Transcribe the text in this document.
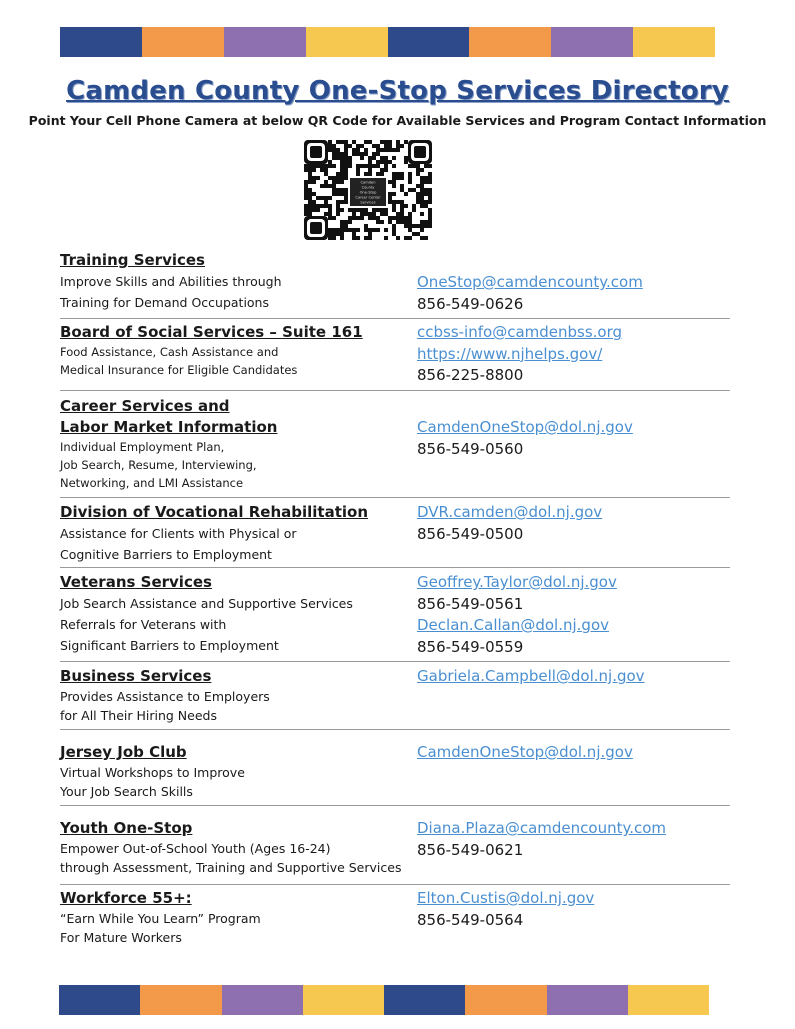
Camden County One-Stop Services Directory
Point Your Cell Phone Camera at below QR Code for Available Services and Program Contact Information
Camden
County
One-Stop
Career Center
Services
Training Services
Improve Skills and Abilities through
Training for Demand Occupations
OneStop@camdencounty.com
856-549-0626
Board of Social Services – Suite 161
Food Assistance, Cash Assistance and
Medical Insurance for Eligible Candidates
ccbss-info@camdenbss.org
https://www.njhelps.gov/
856-225-8800
Career Services and
Labor Market Information
Individual Employment Plan,
Job Search, Resume, Interviewing,
Networking, and LMI Assistance
CamdenOneStop@dol.nj.gov
856-549-0560
Division of Vocational Rehabilitation
Assistance for Clients with Physical or
Cognitive Barriers to Employment
DVR.camden@dol.nj.gov
856-549-0500
Veterans Services
Job Search Assistance and Supportive Services
Referrals for Veterans with
Significant Barriers to Employment
Geoffrey.Taylor@dol.nj.gov
856-549-0561
Declan.Callan@dol.nj.gov
856-549-0559
Business Services
Provides Assistance to Employers
for All Their Hiring Needs
Gabriela.Campbell@dol.nj.gov
Jersey Job Club
Virtual Workshops to Improve
Your Job Search Skills
CamdenOneStop@dol.nj.gov
Youth One-Stop
Empower Out-of-School Youth (Ages 16-24)
through Assessment, Training and Supportive Services
Diana.Plaza@camdencounty.com
856-549-0621
Workforce 55+:
“Earn While You Learn” Program
For Mature Workers
Elton.Custis@dol.nj.gov
856-549-0564
